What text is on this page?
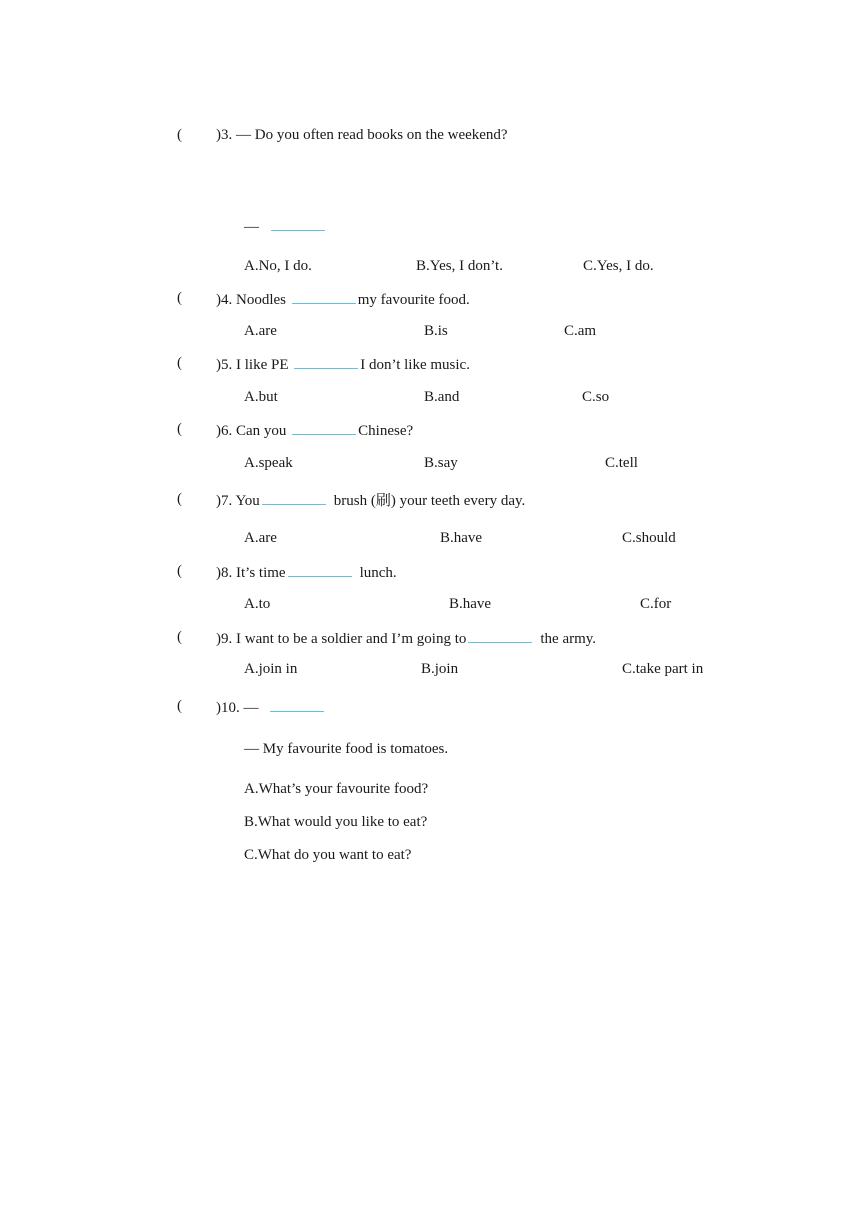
( )3. — Do you often read books on the weekend?
—
A.No, I do.	B.Yes, I don’t.	C.Yes, I do.
( )4. Noodles	my favourite food.
A.are	B.is	C.am
( )5. I like PE	I don’t like music.
A.but	B.and	C.so
( )6. Can you	Chinese?
A.speak	B.say	C.tell
( )7. You	brush (刷) your teeth every day.
A.are	B.have	C.should
( )8. It’s time	lunch.
A.to	B.have	C.for
( )9. I want to be a soldier and I’m going to	the army.
A.join in	B.join	C.take part in
( )10. —
— My favourite food is tomatoes.
A.What’s your favourite food?
B.What would you like to eat?
C.What do you want to eat?
